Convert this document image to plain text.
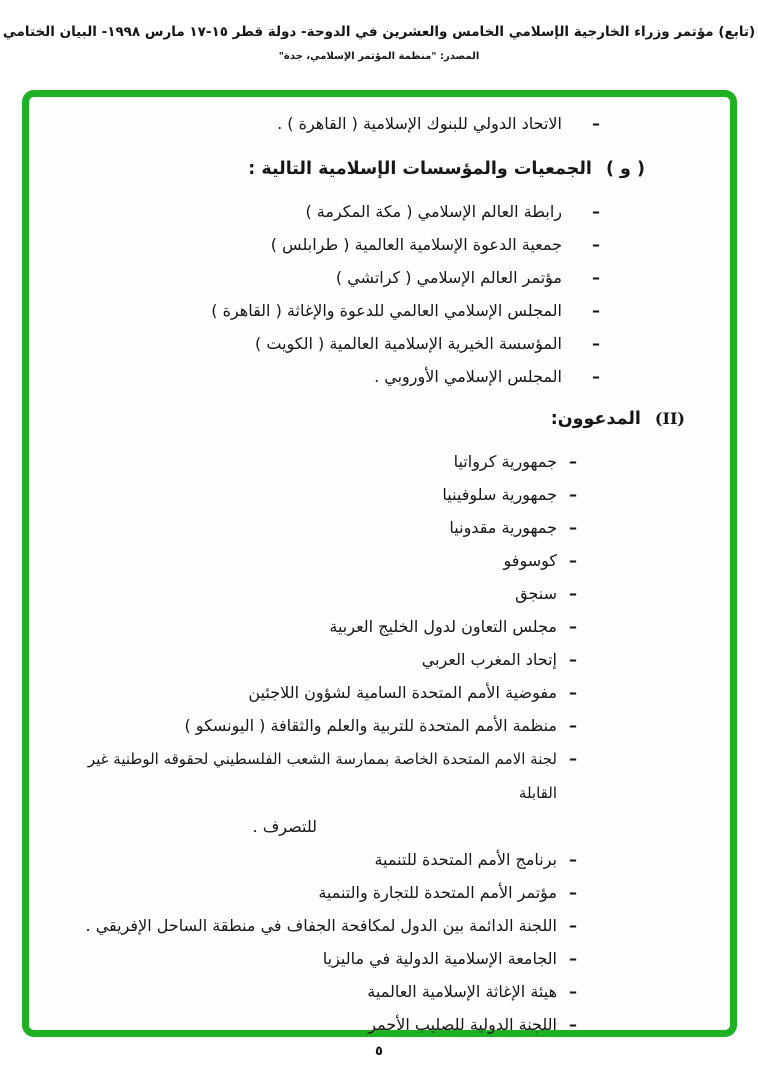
(تابع) مؤتمر وزراء الخارجية الإسلامي الخامس والعشرين في الدوحة- دولة قطر ١٥-١٧ مارس ١٩٩٨- البيان الختامي
المصدر: "منظمة المؤتمر الإسلامي، جدة"
–
الاتحاد الدولي للبنوك الإسلامية ( القاهرة ) .
( و )
الجمعيات والمؤسسات الإسلامية التالية :
–
رابطة العالم الإسلامي ( مكة المكرمة )
–
جمعية الدعوة الإسلامية العالمية ( طرابلس )
–
مؤتمر العالم الإسلامي ( كراتشي )
–
المجلس الإسلامي العالمي للدعوة والإغاثة ( القاهرة )
–
المؤسسة الخيرية الإسلامية العالمية ( الكويت )
–
المجلس الإسلامي الأوروبي .
(II)
المدعوون:
–
جمهورية كرواتيا
–
جمهورية سلوفينيا
–
جمهورية مقدونيا
–
كوسوفو
–
سنجق
–
مجلس التعاون لدول الخليج العربية
–
إتحاد المغرب العربي
–
مفوضية الأمم المتحدة السامية لشؤون اللاجئين
–
منظمة الأمم المتحدة للتربية والعلم والثقافة ( اليونسكو )
–
لجنة الامم المتحدة الخاصة بممارسة الشعب الفلسطيني لحقوقه الوطنية غير القابلة
للتصرف .
–
برنامج الأمم المتحدة للتنمية
–
مؤتمر الأمم المتحدة للتجارة والتنمية
–
اللجنة الدائمة بين الدول لمكافحة الجفاف في منطقة الساحل الإفريقي .
–
الجامعة الإسلامية الدولية في ماليزيا
–
هيئة الإغاثة الإسلامية العالمية
–
اللجنة الدولية للصليب الأحمر
٥
